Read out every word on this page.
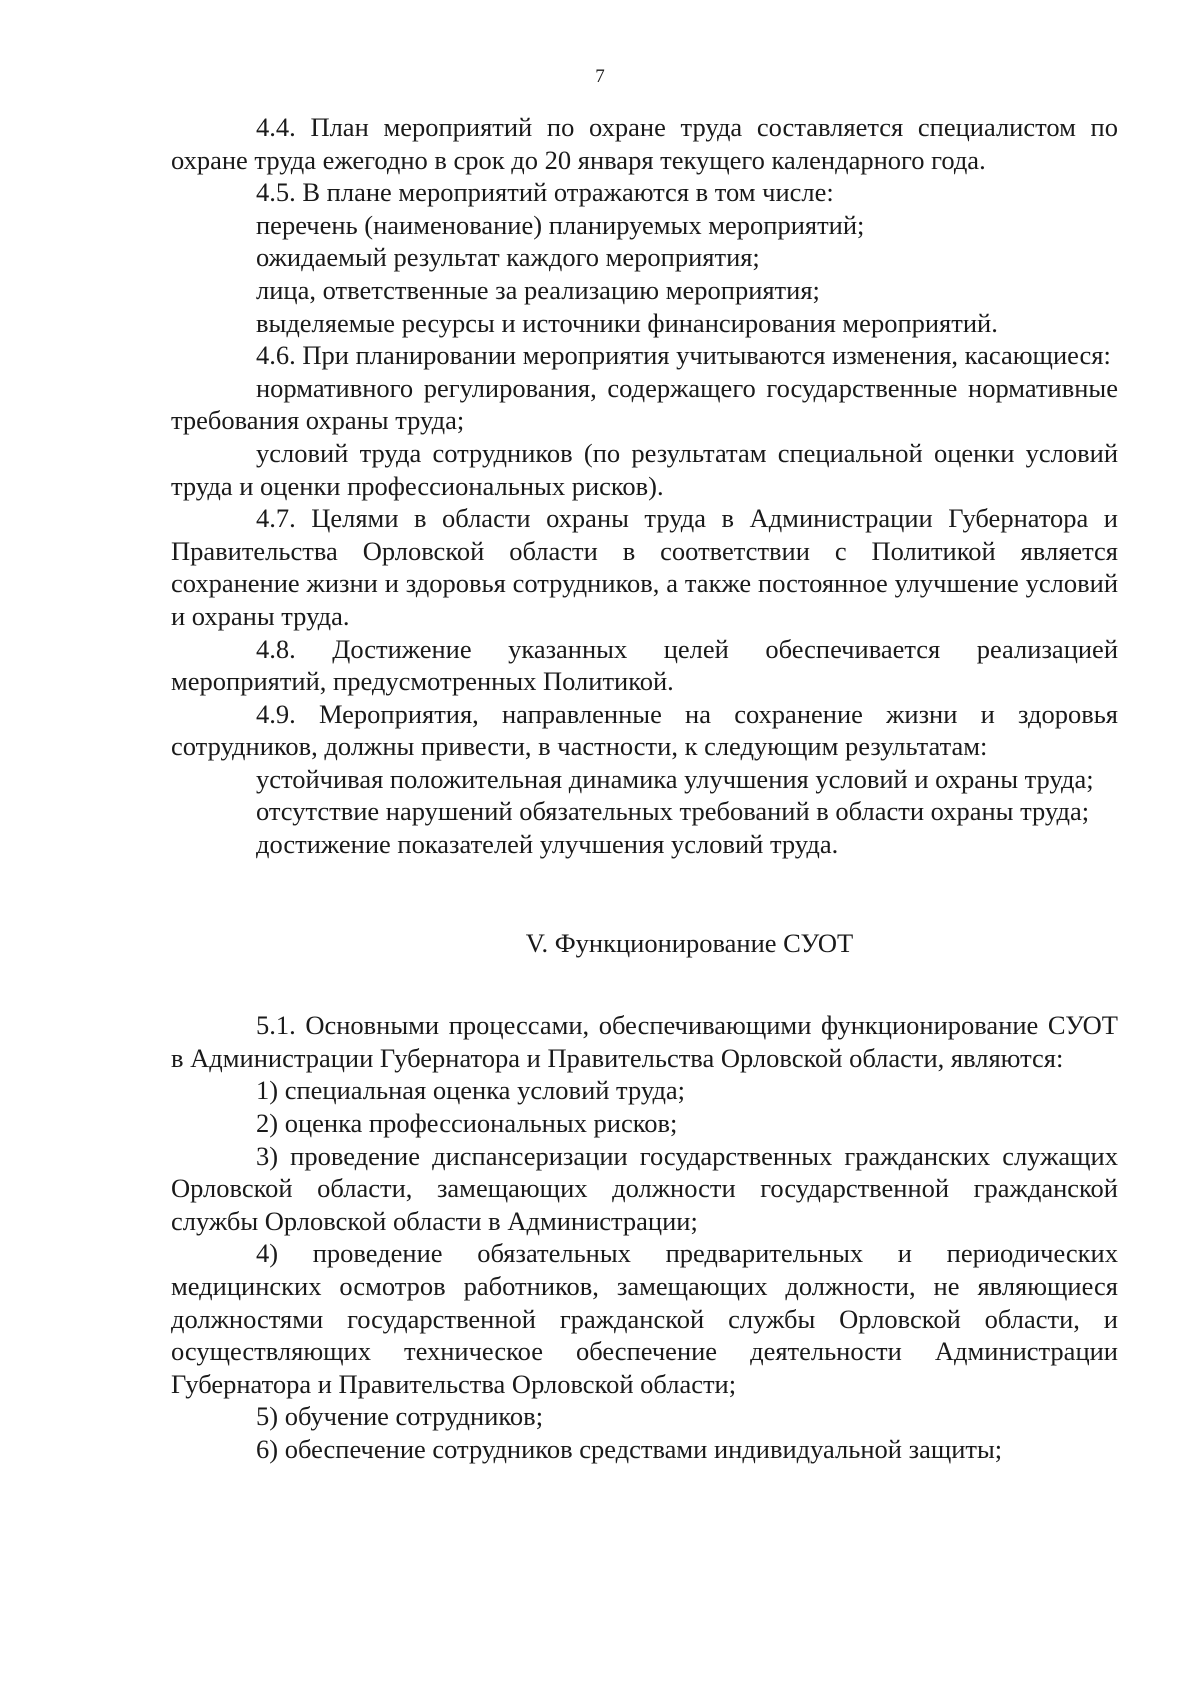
7

4.4. План мероприятий по охране труда составляется специалистом по охране труда ежегодно в срок до 20 января текущего календарного года.

4.5. В плане мероприятий отражаются в том числе:

перечень (наименование) планируемых мероприятий;

ожидаемый результат каждого мероприятия;

лица, ответственные за реализацию мероприятия;

выделяемые ресурсы и источники финансирования мероприятий.

4.6. При планировании мероприятия учитываются изменения, касающиеся:

нормативного регулирования, содержащего государственные нормативные требования охраны труда;

условий труда сотрудников (по результатам специальной оценки условий труда и оценки профессиональных рисков).

4.7. Целями в области охраны труда в Администрации Губернатора и Правительства Орловской области в соответствии с Политикой является сохранение жизни и здоровья сотрудников, а также постоянное улучшение условий и охраны труда.

4.8. Достижение указанных целей обеспечивается реализацией мероприятий, предусмотренных Политикой.

4.9. Мероприятия, направленные на сохранение жизни и здоровья сотрудников, должны привести, в частности, к следующим результатам:

устойчивая положительная динамика улучшения условий и охраны труда;

отсутствие нарушений обязательных требований в области охраны труда;

достижение показателей улучшения условий труда.

V. Функционирование СУОТ

5.1. Основными процессами, обеспечивающими функционирование СУОТ в Администрации Губернатора и Правительства Орловской области, являются:

1) специальная оценка условий труда;

2) оценка профессиональных рисков;

3) проведение диспансеризации государственных гражданских служащих Орловской области, замещающих должности государственной гражданской службы Орловской области в Администрации;

4) проведение обязательных предварительных и периодических медицинских осмотров работников, замещающих должности, не являющиеся должностями государственной гражданской службы Орловской области, и осуществляющих техническое обеспечение деятельности Администрации Губернатора и Правительства Орловской области;

5) обучение сотрудников;

6) обеспечение сотрудников средствами индивидуальной защиты;
